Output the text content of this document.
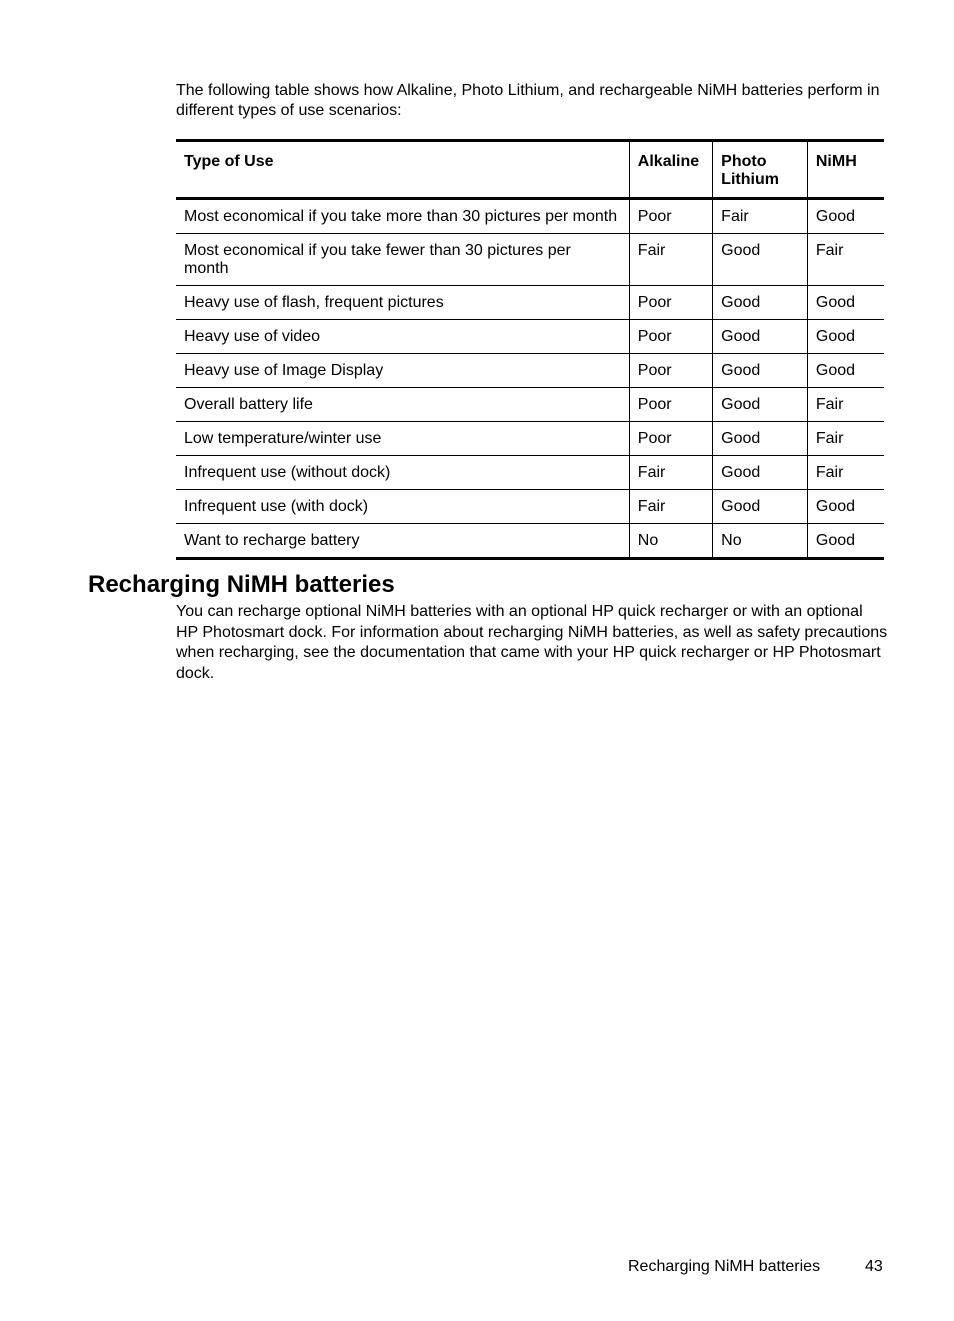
The following table shows how Alkaline, Photo Lithium, and rechargeable NiMH batteries perform in different types of use scenarios:

Type of Use	Alkaline	Photo Lithium	NiMH
Most economical if you take more than 30 pictures per month	Poor	Fair	Good
Most economical if you take fewer than 30 pictures per month	Fair	Good	Fair
Heavy use of flash, frequent pictures	Poor	Good	Good
Heavy use of video	Poor	Good	Good
Heavy use of Image Display	Poor	Good	Good
Overall battery life	Poor	Good	Fair
Low temperature/winter use	Poor	Good	Fair
Infrequent use (without dock)	Fair	Good	Fair
Infrequent use (with dock)	Fair	Good	Good
Want to recharge battery	No	No	Good
Recharging NiMH batteries

You can recharge optional NiMH batteries with an optional HP quick recharger or with an optional HP Photosmart dock. For information about recharging NiMH batteries, as well as safety precautions when recharging, see the documentation that came with your HP quick recharger or HP Photosmart dock.

Recharging NiMH batteries	43
